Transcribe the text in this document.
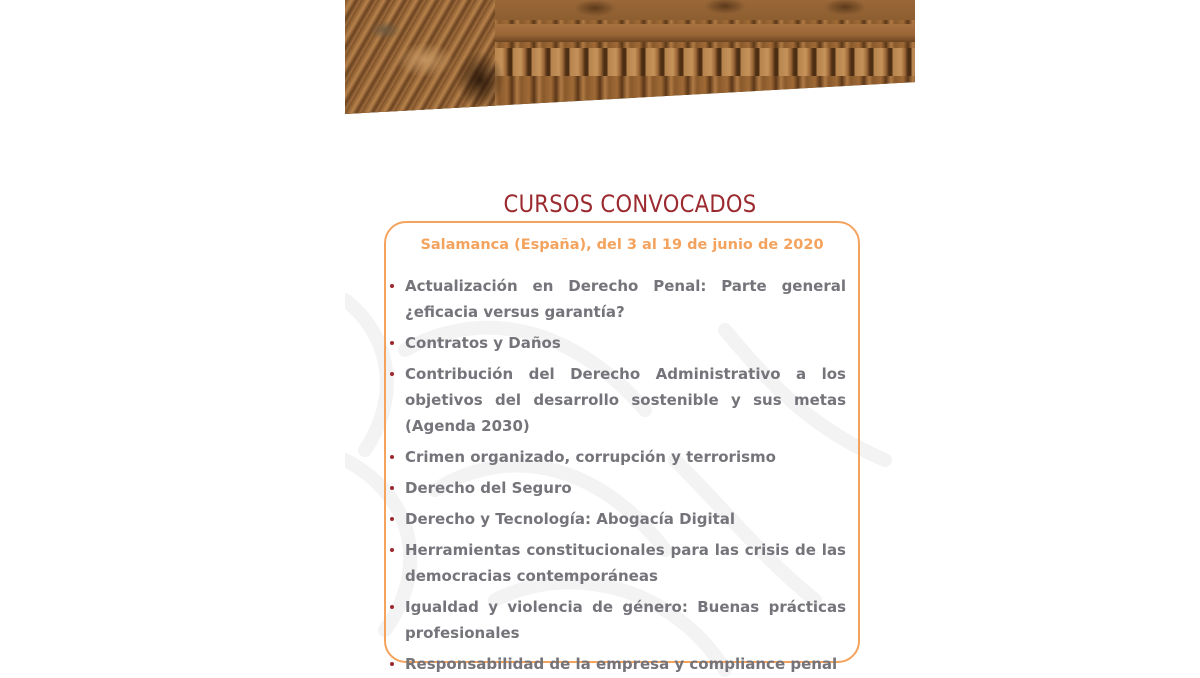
CURSOS CONVOCADOS
Salamanca (España), del 3 al 19 de junio de 2020
Actualización en Derecho Penal: Parte general ¿eficacia versus garantía?
Contratos y Daños
Contribución del Derecho Administrativo a los objetivos del desarrollo sostenible y sus metas (Agenda 2030)
Crimen organizado, corrupción y terrorismo
Derecho del Seguro
Derecho y Tecnología: Abogacía Digital
Herramientas constitucionales para las crisis de las democracias contemporáneas
Igualdad y violencia de género: Buenas prácticas profesionales
Responsabilidad de la empresa y compliance penal
